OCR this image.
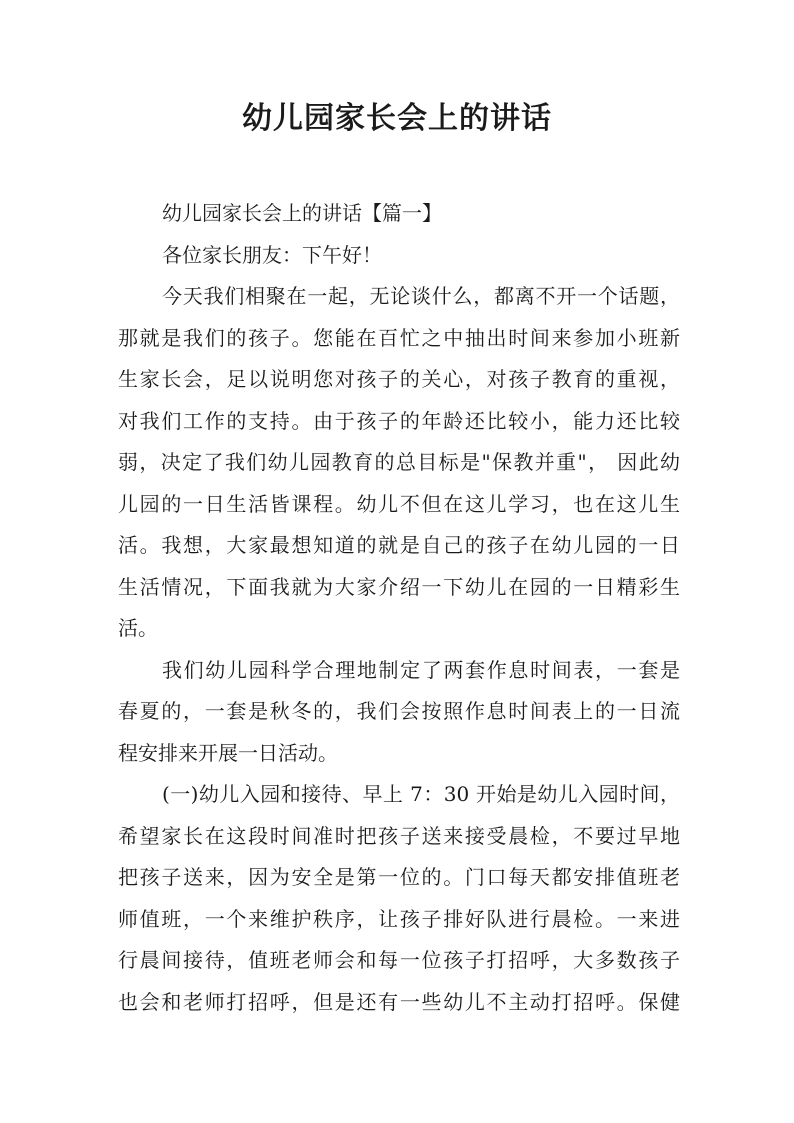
幼儿园家长会上的讲话
幼儿园家长会上的讲话【篇一】
各位家长朋友：下午好！
今天我们相聚在一起，无论谈什么，都离不开一个话题，
那就是我们的孩子。您能在百忙之中抽出时间来参加小班新
生家长会，足以说明您对孩子的关心，对孩子教育的重视，
对我们工作的支持。由于孩子的年龄还比较小，能力还比较
弱，决定了我们幼儿园教育的总目标是"保教并重"， 因此幼
儿园的一日生活皆课程。幼儿不但在这儿学习，也在这儿生
活。我想，大家最想知道的就是自己的孩子在幼儿园的一日
生活情况，下面我就为大家介绍一下幼儿在园的一日精彩生
活。
我们幼儿园科学合理地制定了两套作息时间表，一套是
春夏的，一套是秋冬的，我们会按照作息时间表上的一日流
程安排来开展一日活动。
(一)幼儿入园和接待、早上 7：30 开始是幼儿入园时间，
希望家长在这段时间准时把孩子送来接受晨检，不要过早地
把孩子送来，因为安全是第一位的。门口每天都安排值班老
师值班，一个来维护秩序，让孩子排好队进行晨检。一来进
行晨间接待，值班老师会和每一位孩子打招呼，大多数孩子
也会和老师打招呼，但是还有一些幼儿不主动打招呼。保健
